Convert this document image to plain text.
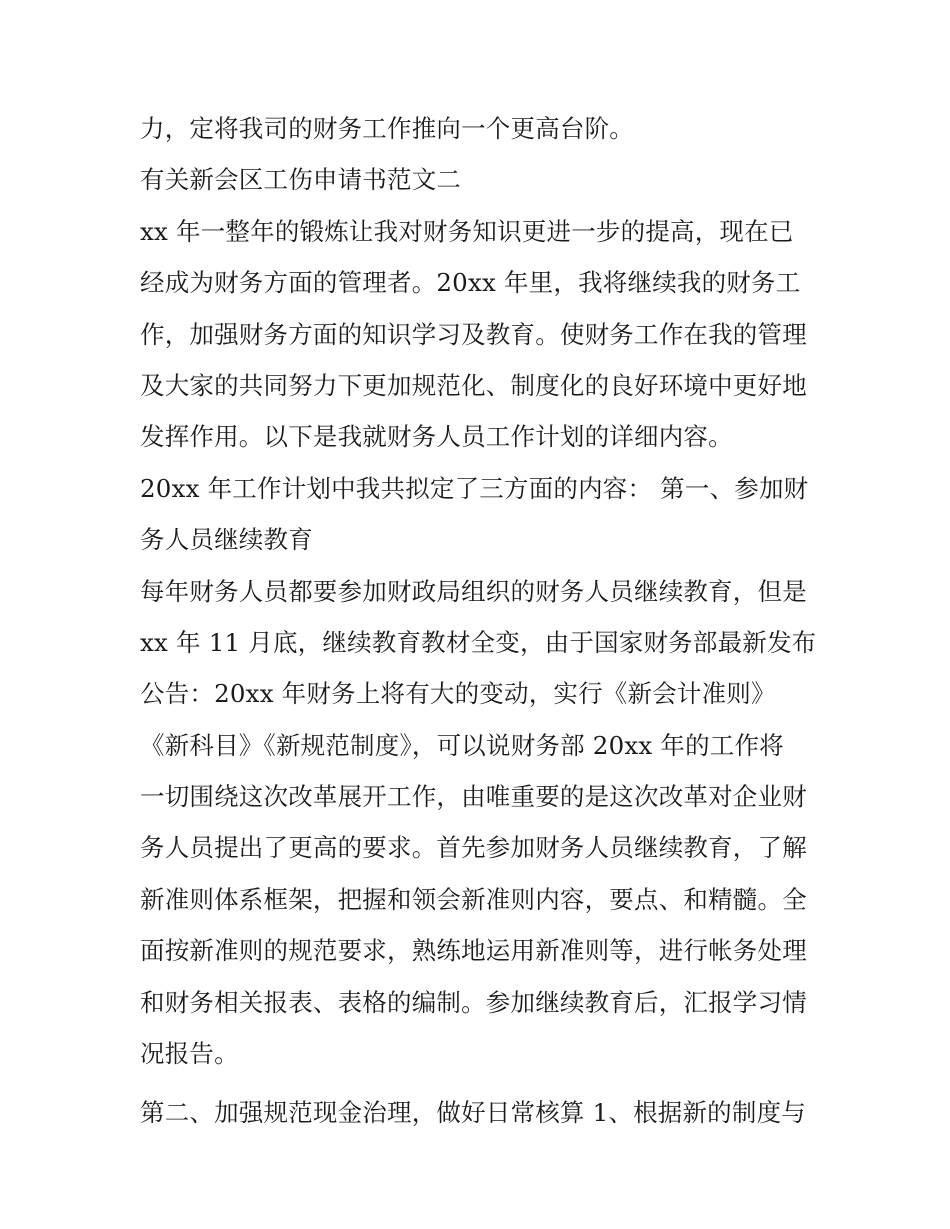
力，定将我司的财务工作推向一个更高台阶。
有关新会区工伤申请书范文二
xx 年一整年的锻炼让我对财务知识更进一步的提高，现在已
经成为财务方面的管理者。20xx 年里，我将继续我的财务工
作，加强财务方面的知识学习及教育。使财务工作在我的管理
及大家的共同努力下更加规范化、制度化的良好环境中更好地
发挥作用。以下是我就财务人员工作计划的详细内容。
20xx 年工作计划中我共拟定了三方面的内容： 第一、参加财
务人员继续教育
每年财务人员都要参加财政局组织的财务人员继续教育，但是
xx 年 11 月底，继续教育教材全变，由于国家财务部最新发布
公告：20xx 年财务上将有大的变动，实行《新会计准则》
《新科目》《新规范制度》，可以说财务部 20xx 年的工作将
一切围绕这次改革展开工作，由唯重要的是这次改革对企业财
务人员提出了更高的要求。首先参加财务人员继续教育，了解
新准则体系框架，把握和领会新准则内容，要点、和精髓。全
面按新准则的规范要求，熟练地运用新准则等，进行帐务处理
和财务相关报表、表格的编制。参加继续教育后，汇报学习情
况报告。
第二、加强规范现金治理，做好日常核算 1、根据新的制度与
